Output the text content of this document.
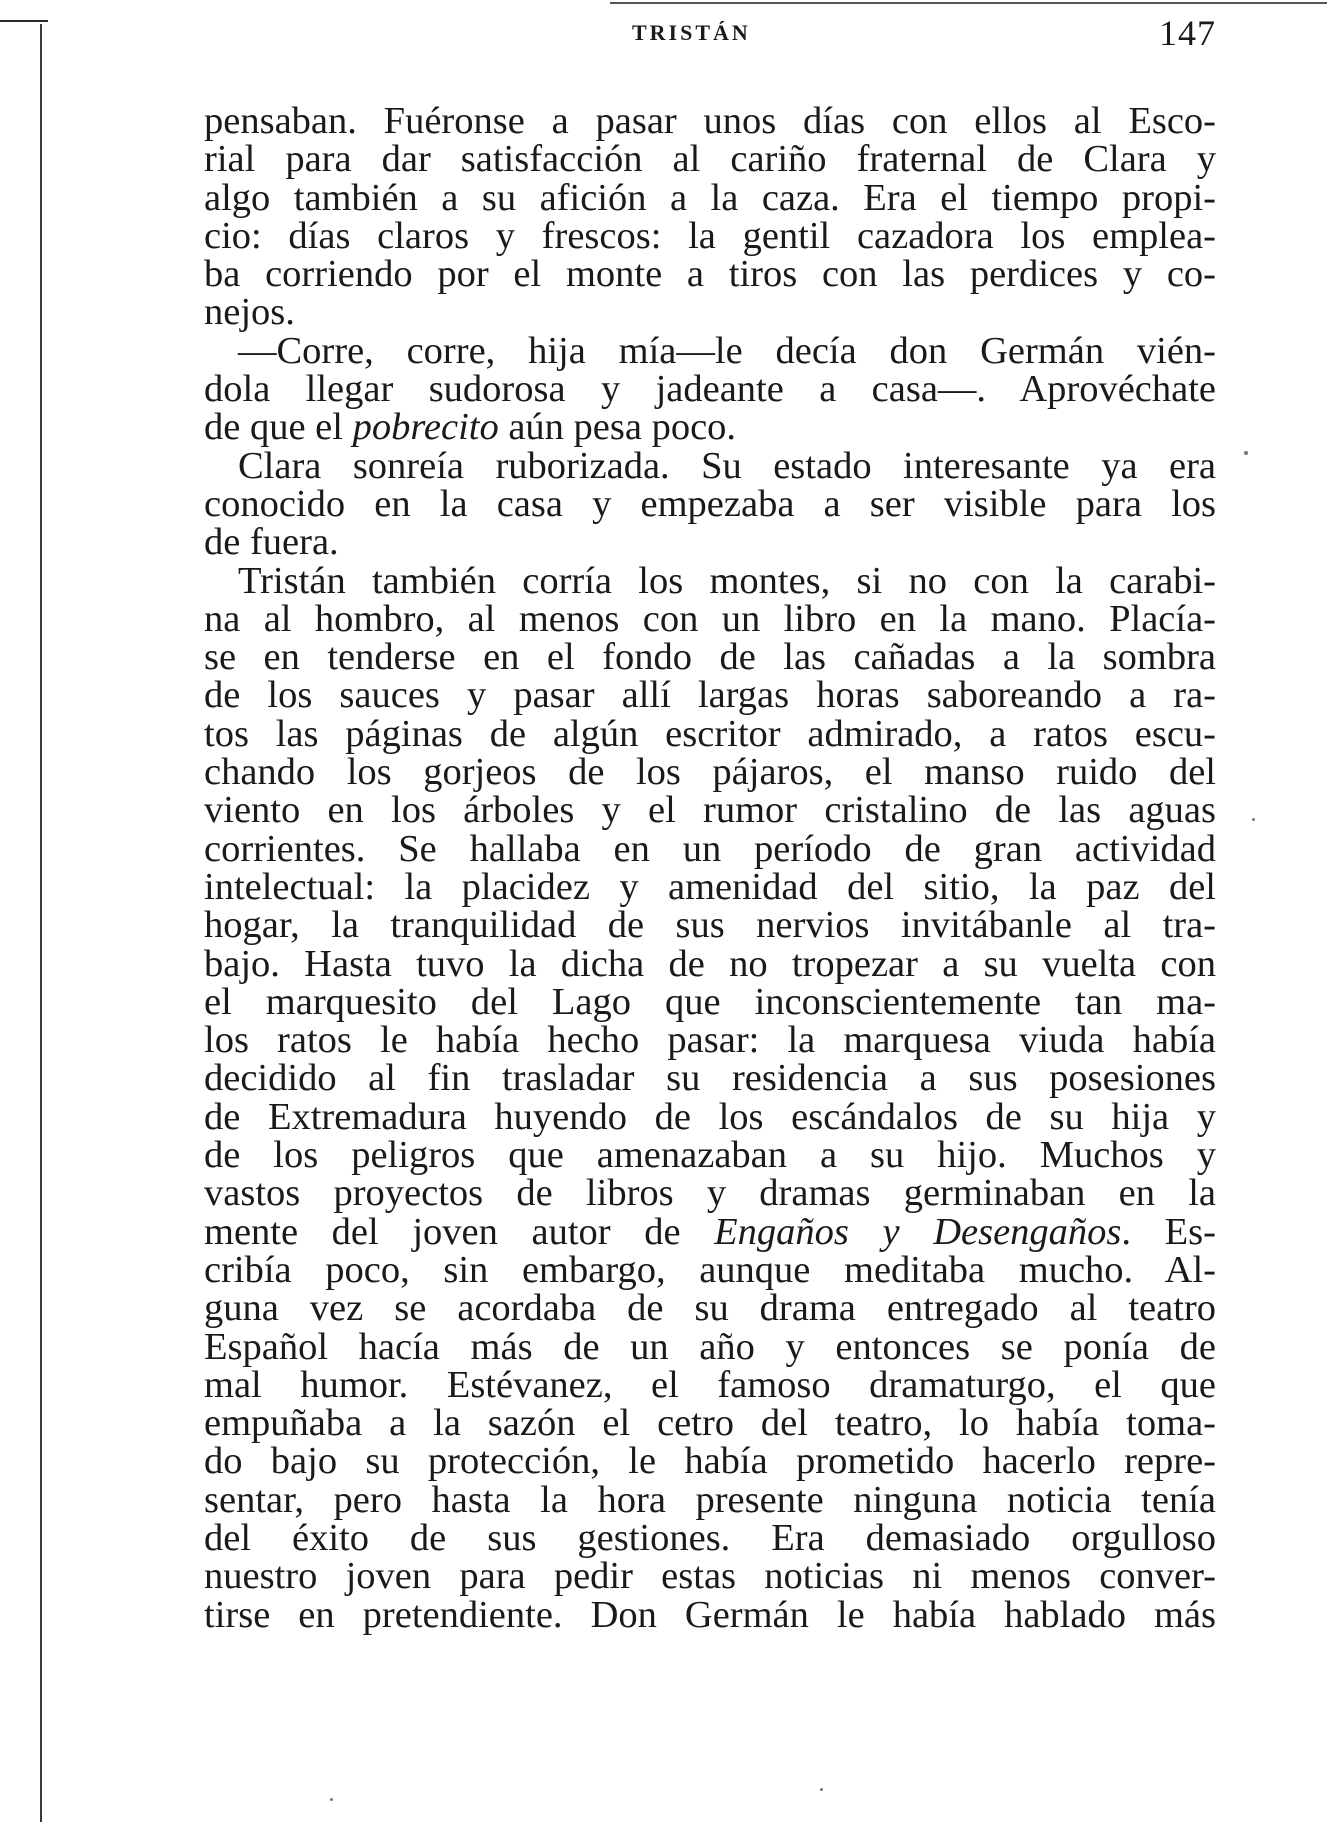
TRISTÁN	147
pensaban. Fuéronse a pasar unos días con ellos al Esco-
rial para dar satisfacción al cariño fraternal de Clara y
algo también a su afición a la caza. Era el tiempo propi-
cio: días claros y frescos: la gentil cazadora los emplea-
ba corriendo por el monte a tiros con las perdices y co-
nejos.
—Corre, corre, hija mía—le decía don Germán vién-
dola llegar sudorosa y jadeante a casa—. Aprovéchate
de que el pobrecito aún pesa poco.
Clara sonreía ruborizada. Su estado interesante ya era
conocido en la casa y empezaba a ser visible para los
de fuera.
Tristán también corría los montes, si no con la carabi-
na al hombro, al menos con un libro en la mano. Placía-
se en tenderse en el fondo de las cañadas a la sombra
de los sauces y pasar allí largas horas saboreando a ra-
tos las páginas de algún escritor admirado, a ratos escu-
chando los gorjeos de los pájaros, el manso ruido del
viento en los árboles y el rumor cristalino de las aguas
corrientes. Se hallaba en un período de gran actividad
intelectual: la placidez y amenidad del sitio, la paz del
hogar, la tranquilidad de sus nervios invitábanle al tra-
bajo. Hasta tuvo la dicha de no tropezar a su vuelta con
el marquesito del Lago que inconscientemente tan ma-
los ratos le había hecho pasar: la marquesa viuda había
decidido al fin trasladar su residencia a sus posesiones
de Extremadura huyendo de los escándalos de su hija y
de los peligros que amenazaban a su hijo. Muchos y
vastos proyectos de libros y dramas germinaban en la
mente del joven autor de Engaños y Desengaños. Es-
cribía poco, sin embargo, aunque meditaba mucho. Al-
guna vez se acordaba de su drama entregado al teatro
Español hacía más de un año y entonces se ponía de
mal humor. Estévanez, el famoso dramaturgo, el que
empuñaba a la sazón el cetro del teatro, lo había toma-
do bajo su protección, le había prometido hacerlo repre-
sentar, pero hasta la hora presente ninguna noticia tenía
del éxito de sus gestiones. Era demasiado orgulloso
nuestro joven para pedir estas noticias ni menos conver-
tirse en pretendiente. Don Germán le había hablado más
